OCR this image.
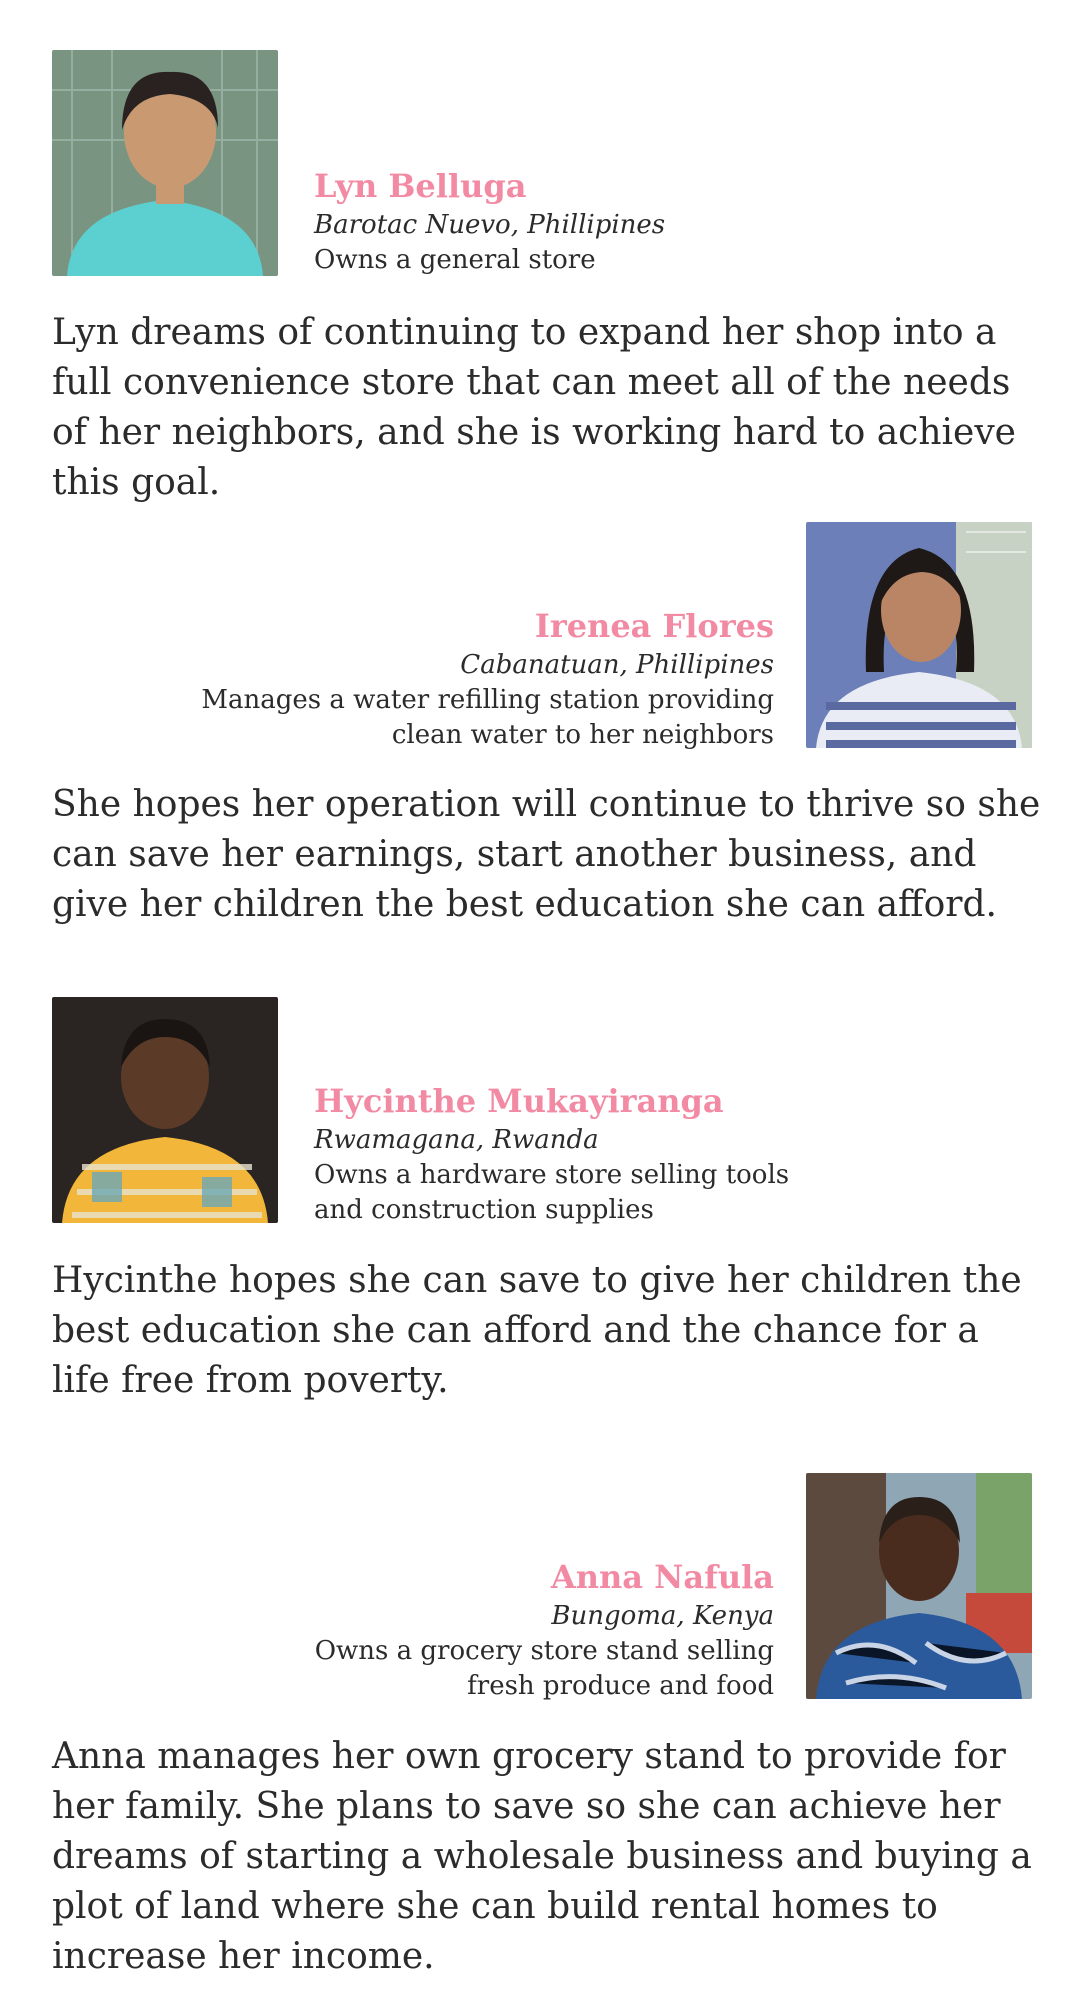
Lyn Belluga
Barotac Nuevo, Phillipines
Owns a general store

Lyn dreams of continuing to expand her shop into a full convenience store that can meet all of the needs of her neighbors, and she is working hard to achieve this goal.

Irenea Flores
Cabanatuan, Phillipines
Manages a water refilling station providing
clean water to her neighbors

She hopes her operation will continue to thrive so she can save her earnings, start another business, and give her children the best education she can afford.

Hycinthe Mukayiranga
Rwamagana, Rwanda
Owns a hardware store selling tools
and construction supplies

Hycinthe hopes she can save to give her children the best education she can afford and the chance for a life free from poverty.

Anna Nafula
Bungoma, Kenya
Owns a grocery store stand selling
fresh produce and food

Anna manages her own grocery stand to provide for her family. She plans to save so she can achieve her dreams of starting a wholesale business and buying a plot of land where she can build rental homes to increase her income.
